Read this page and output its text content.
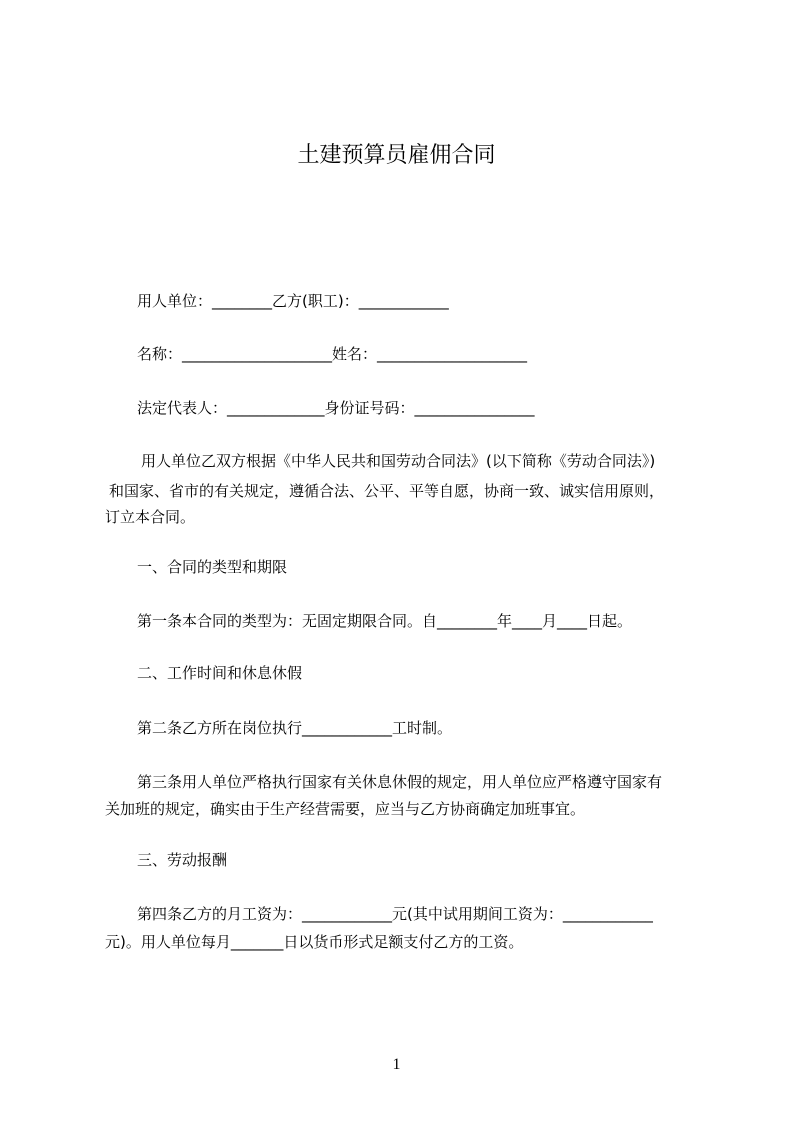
土建预算员雇佣合同
用人单位：________乙方(职工)：____________
名称：____________________姓名：____________________
法定代表人：_____________身份证号码：________________
用人单位乙双方根据《中华人民共和国劳动合同法》(以下简称《劳动合同法》)
和国家、省市的有关规定，遵循合法、公平、平等自愿，协商一致、诚实信用原则，
订立本合同。
一、合同的类型和期限
第一条本合同的类型为：无固定期限合同。自________年____月____日起。
二、工作时间和休息休假
第二条乙方所在岗位执行____________工时制。
第三条用人单位严格执行国家有关休息休假的规定，用人单位应严格遵守国家有
关加班的规定，确实由于生产经营需要，应当与乙方协商确定加班事宜。
三、劳动报酬
第四条乙方的月工资为：____________元(其中试用期间工资为：____________
元)。用人单位每月_______日以货币形式足额支付乙方的工资。
1
